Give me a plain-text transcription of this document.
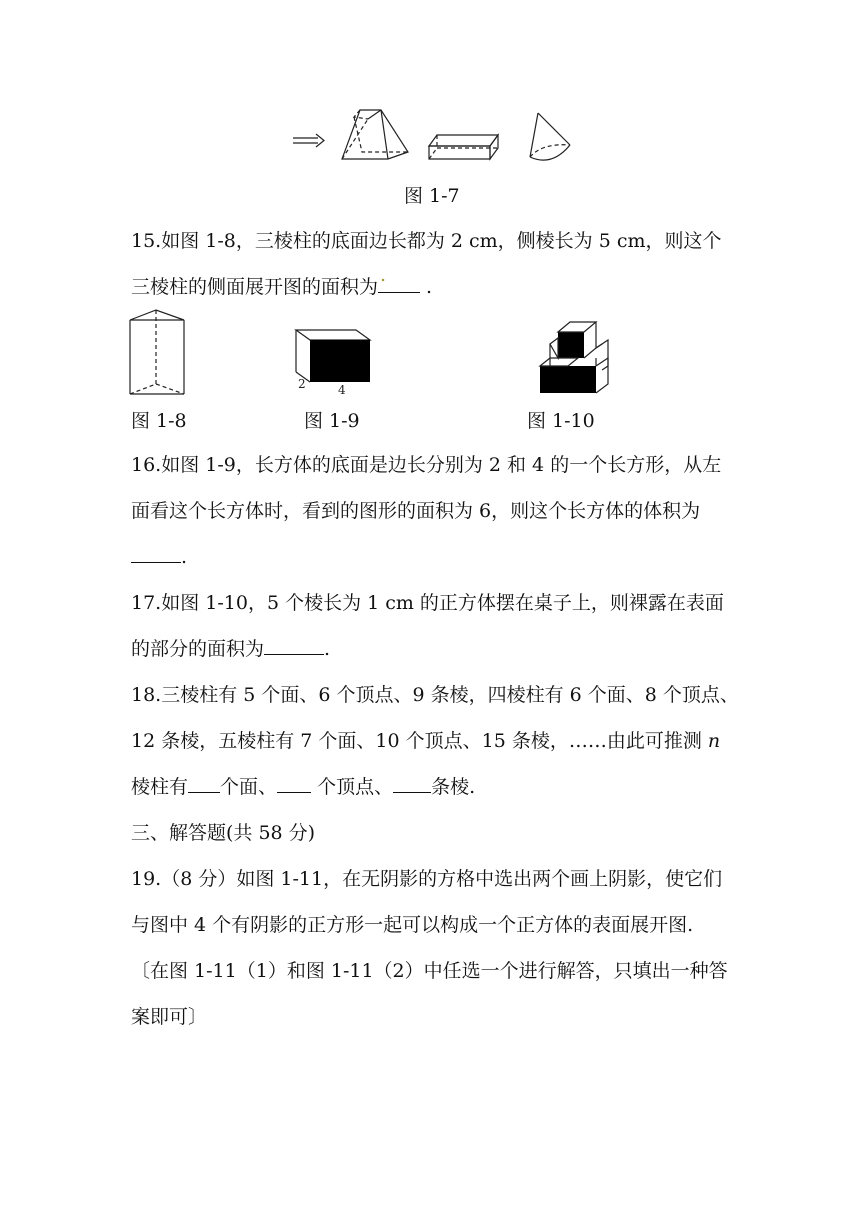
图 1-7

15.如图 1-8，三棱柱的底面边长都为 2 cm，侧棱长为 5 cm，则这个

三棱柱的侧面展开图的面积为
.
.

2	4
图 1-8	图 1-9	图 1-10

16.如图 1-9，长方体的底面是边长分别为 2 和 4 的一个长方形，从左

面看这个长方体时，看到的图形的面积为 6，则这个长方体的体积为

.

17.如图 1-10，5 个棱长为 1 cm 的正方体摆在桌子上，则裸露在表面

的部分的面积为	.

18.三棱柱有 5 个面、6 个顶点、9 条棱，四棱柱有 6 个面、8 个顶点、

12 条棱，五棱柱有 7 个面、10 个顶点、15 条棱，……由此可推测 n

棱柱有 个面、 个顶点、 条棱.

三、解答题(共 58 分)

19.（8 分）如图 1-11，在无阴影的方格中选出两个画上阴影，使它们

与图中 4 个有阴影的正方形一起可以构成一个正方体的表面展开图.

〔在图 1-11（1）和图 1-11（2）中任选一个进行解答，只填出一种答

案即可〕
